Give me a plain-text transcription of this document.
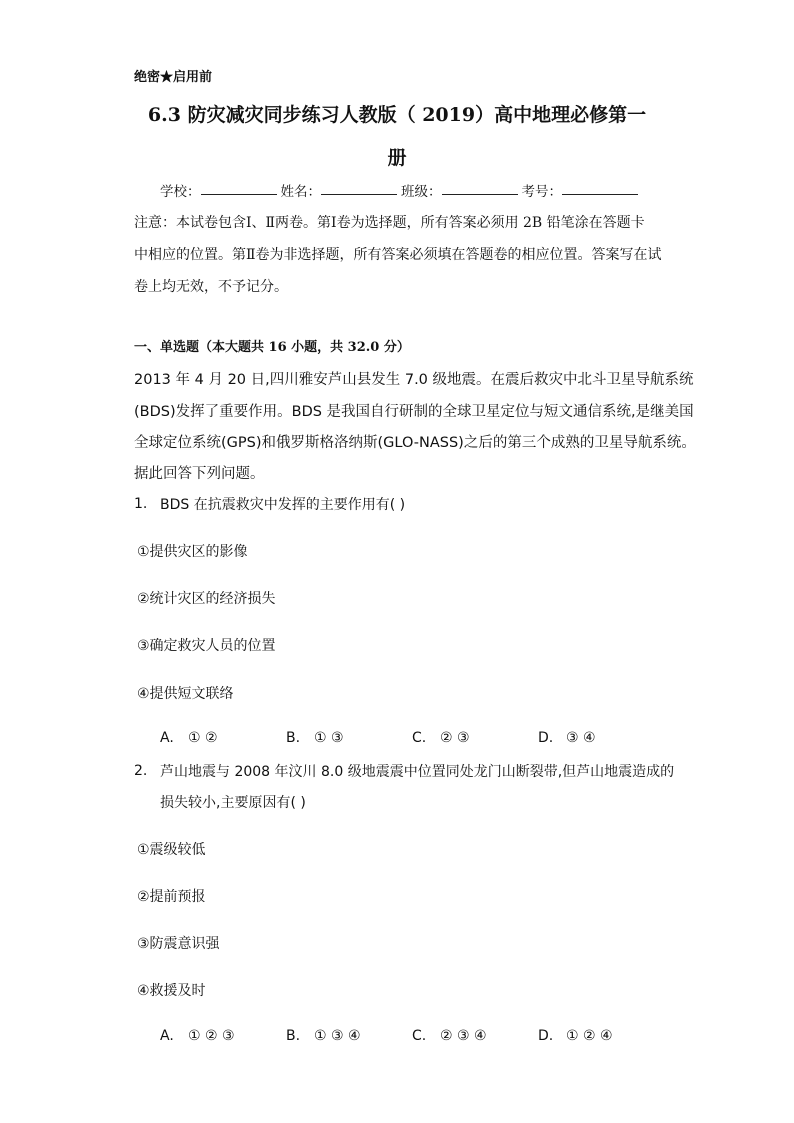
绝密★启用前
6.3 防灾减灾同步练习人教版（ 2019）高中地理必修第一
册
学校：	姓名：	班级：	考号：
注意：本试卷包含Ⅰ、Ⅱ两卷。第Ⅰ卷为选择题，所有答案必须用 2B 铅笔涂在答题卡
中相应的位置。第Ⅱ卷为非选择题，所有答案必须填在答题卷的相应位置。答案写在试
卷上均无效，不予记分。
一、单选题（本大题共 16 小题，共 32.0 分）
2013 年 4 月 20 日,四川雅安芦山县发生 7.0 级地震。在震后救灾中北斗卫星导航系统
(BDS)发挥了重要作用。BDS 是我国自行研制的全球卫星定位与短文通信系统,是继美国
全球定位系统(GPS)和俄罗斯格洛纳斯(GLO-NASS)之后的第三个成熟的卫星导航系统。
据此回答下列问题。
1. BDS 在抗震救灾中发挥的主要作用有( )
①提供灾区的影像
②统计灾区的经济损失
③确定救灾人员的位置
④提供短文联络
A. ① ②	B. ① ③	C. ② ③	D. ③ ④
2. 芦山地震与 2008 年汶川 8.0 级地震震中位置同处龙门山断裂带,但芦山地震造成的
损失较小,主要原因有( )
①震级较低
②提前预报
③防震意识强
④救援及时
A. ① ② ③	B. ① ③ ④	C. ② ③ ④	D. ① ② ④
